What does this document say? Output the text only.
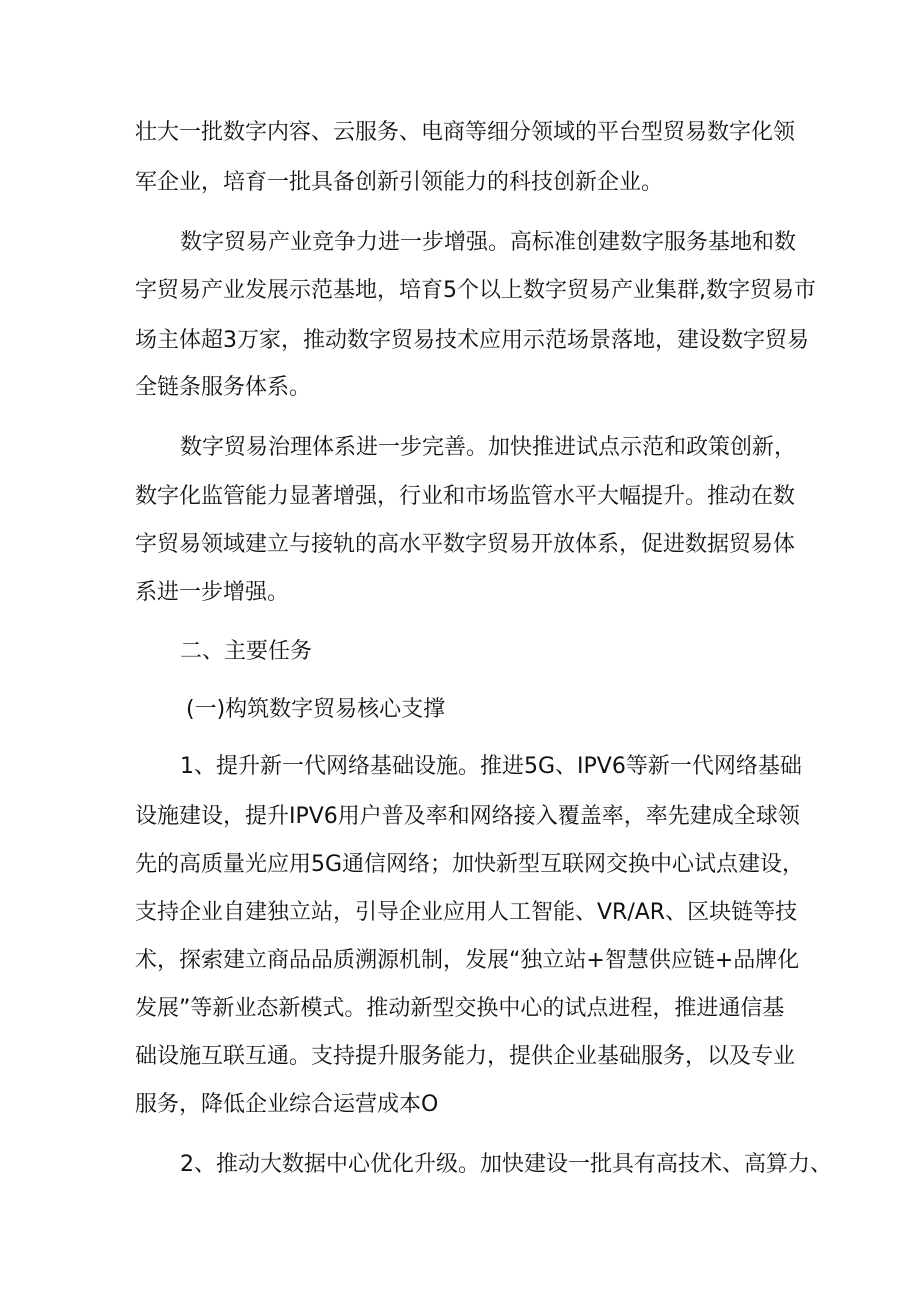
壮大一批数字内容、云服务、电商等细分领域的平台型贸易数字化领
军企业，培育一批具备创新引领能力的科技创新企业。
数字贸易产业竞争力进一步增强。高标准创建数字服务基地和数
字贸易产业发展示范基地，培育5个以上数字贸易产业集群,数字贸易市
场主体超3万家，推动数字贸易技术应用示范场景落地，建设数字贸易
全链条服务体系。
数字贸易治理体系进一步完善。加快推进试点示范和政策创新，
数字化监管能力显著增强，行业和市场监管水平大幅提升。推动在数
字贸易领域建立与接轨的高水平数字贸易开放体系，促进数据贸易体
系进一步增强。
二、主要任务
(一)构筑数字贸易核心支撑
1、提升新一代网络基础设施。推进5G、IPV6等新一代网络基础
设施建设，提升IPV6用户普及率和网络接入覆盖率，率先建成全球领
先的高质量光应用5G通信网络；加快新型互联网交换中心试点建设，
支持企业自建独立站，引导企业应用人工智能、VR/AR、区块链等技
术，探索建立商品品质溯源机制，发展“独立站+智慧供应链+品牌化
发展”等新业态新模式。推动新型交换中心的试点进程，推进通信基
础设施互联互通。支持提升服务能力，提供企业基础服务，以及专业
服务，降低企业综合运营成本O
2、推动大数据中心优化升级。加快建设一批具有高技术、高算力、
